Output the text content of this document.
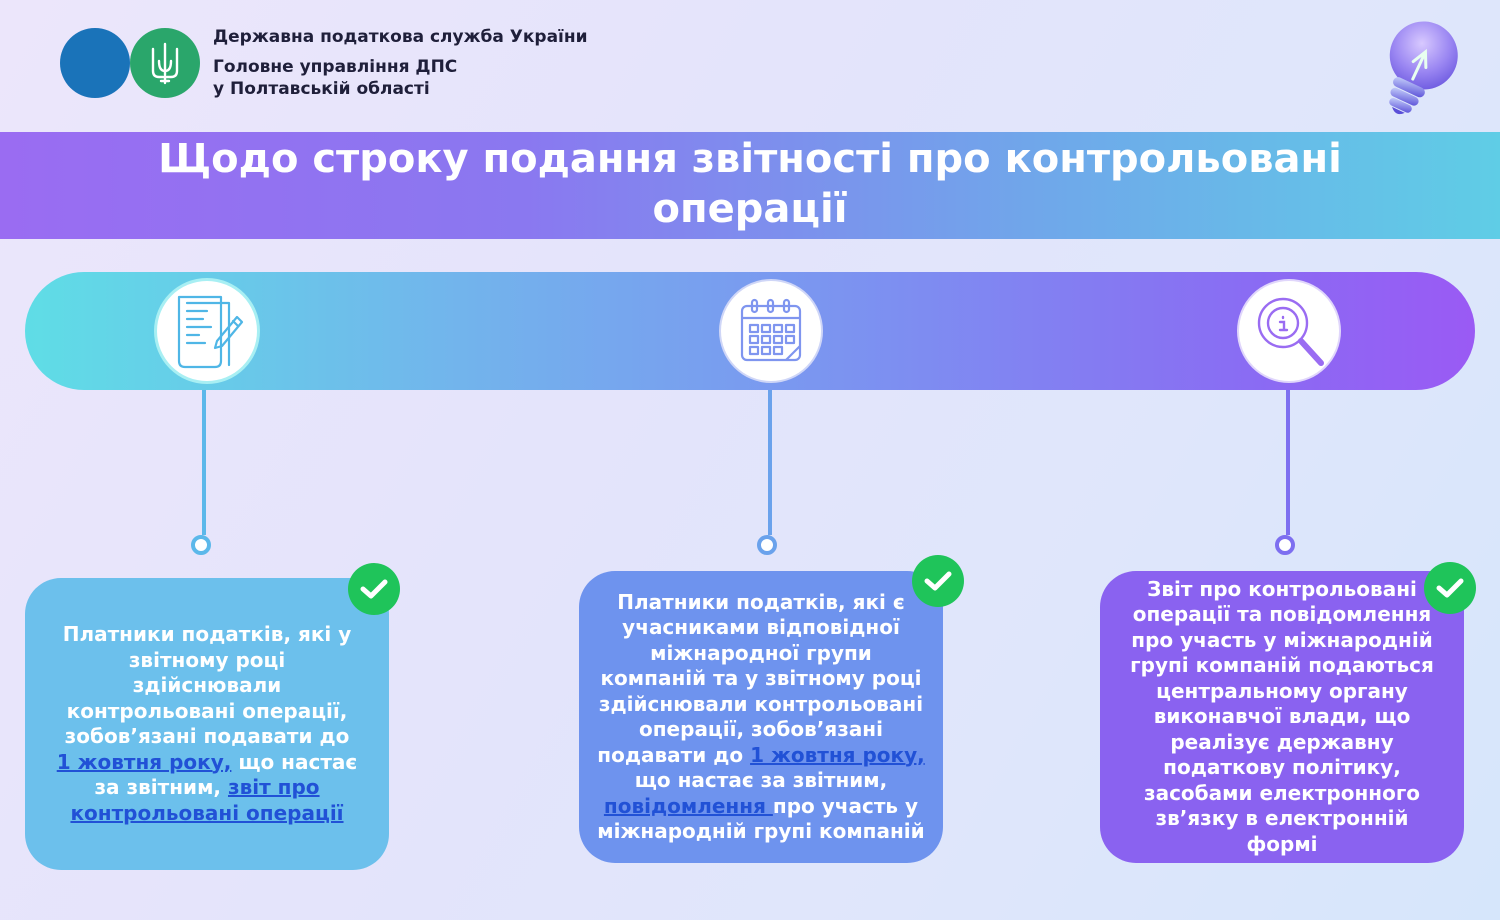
Державна податкова служба України
Головне управління ДПС
у Полтавській області
Щодо строку подання звітності про контрольовані
операції

Платники податків, які у звітному році здійснювали контрольовані операції, зобов’язані подавати до 1 жовтня року, що настає за звітним, звіт про контрольовані операції

Платники податків, які є учасниками відповідної міжнародної групи компаній та у звітному році здійснювали контрольовані операції, зобов’язані подавати до 1 жовтня року, що настає за звітним, повідомлення про участь у міжнародній групі компаній

Звіт про контрольовані операції та повідомлення про участь у міжнародній групі компаній подаються центральному органу виконавчої влади, що реалізує державну податкову політику, засобами електронного зв’язку в електронній формі
